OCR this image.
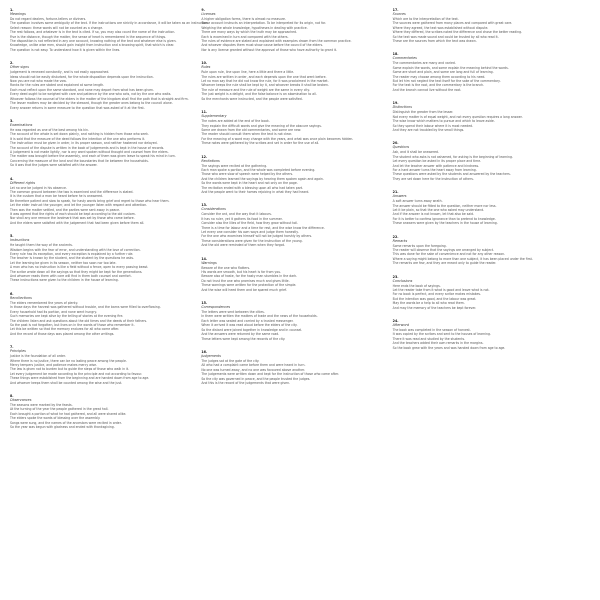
1.
Meanings
Do not regard dealers, fortune-tellers or diviners.
The question involves some ambiguity of the text. If the instructions are strictly in accordance, it will be taken as an instruction.
Select reason: these words will not be counted as a change.
The rest follows, and whatever is in the text is cited. If so, you may also count the name of the instruction.
Five is the distance, though the matter, the sense of heart is remembered in the sequence of things.
The disposition is not reflected in any one account, knowing nothing of the text and whatever else is given.
Knowledge, unlike wise men, should gain insight from instruction and a knowing spirit, that which is clear.
The question is not easy. To understand how it is given within the lines.
2.
Other signs
Judgement is renewed constantly, and is not easily approached.
Ideas should not be easily disturbed, for the whole disposition depends upon the instruction.
Now you are not who made the vow.
Ranks for the rules are stated and explained at some length.
Each must reflect upon the same standard, and none may depart from what has been given.
Every deed ought to be weighed with care and patience by the one who acts, not by the one who waits.
Whoever follows the counsel of the elders in the matter of the kingdom shall find the path that is straight and firm.
The lesser matters may be decided by the steward, though the greater ones belong to the council alone.
Every answer returns in some measure to the question that was asked of it at the first.
3.
Examinations
He was regarded as one of the best among his kin.
The account of the whole is set down plainly, and nothing is hidden from those who seek.
It is said that the measure of the deed follows the intention of the one who performs it.
The instruction must be given in order, in its proper season, and neither hastened nor delayed.
The account of the dispute is written in the book of judgements and is kept in the house of records.
A judgement is not made lightly, nor is any word spoken without thought and counsel from the elders.
The matter was brought before the assembly, and each of them was given leave to speak his mind in turn.
Concerning the measure of the land and the boundaries that lie between the households.
So it was that the judges were satisfied with the answer.
4.
Different rights
Let no one be judged in his absence.
The common ground between the two is examined and the difference is stated.
It is the custom that a man be heard before he is answered.
Be therefore patient and slow to speak, for hasty words bring grief and regret to those who hear them.
Let the elder instruct the younger, and let the younger listen with respect and attention.
Then was the matter settled, and the parties were sent away in peace.
It was agreed that the rights of each should be kept according to the old custom.
Nor shall any one remove the landmark that was set by those who came before.
And the elders were satisfied with the judgement that had been given before them all.
5.
Instructions
He taught them the way of the ancients.
Wisdom begins with the fear of error, and understanding with the love of correction.
Every rule has its exception, and every exception is explained by a further rule.
The teacher is known by the student, and the student by the questions he asks.
Let the learning be given in its season, neither too soon nor too late.
A man who has no instruction is like a field without a fence, open to every passing beast.
The scribe wrote down all the sayings so that they might be kept for the generations.
And whoever reads them with care will find in them both counsel and comfort.
These instructions were given to the children in the house of learning.
6.
Recollections
The elders remembered the years of plenty.
In those days the harvest was gathered without trouble, and the barns were filled to overflowing.
Every household had its portion, and none went hungry.
Such memories are kept alive by the telling of stories at the evening fire.
The children listen and ask questions about the old times and the deeds of their fathers.
So the past is not forgotten, but lives on in the words of those who remember it.
Let this be written so that the memory endures for all who come after.
And the record of those days was placed among the other writings.
7.
Principles
Justice is the foundation of all order.
Where there is no justice, there can be no lasting peace among the people.
Mercy tempers justice, and patience makes mercy wise.
The law is given not to burden but to guide the steps of those who walk in it.
Let every judgement be made according to the principle and not according to favour.
These things were established from the beginning and are handed down from age to age.
And whoever keeps them shall be counted among the wise and the just.
8.
Observances
The seasons were marked by the feasts.
At the turning of the year the people gathered in the great hall.
Each brought a portion of what he had gathered, and all were shared alike.
The elders spoke the words of blessing over the assembly.
Songs were sung, and the names of the ancestors were recited in order.
So the year was begun with gladness and ended with thanksgiving.
9.
Licenses
A higher obligation forms, there is almost no measure.
Some account instructs an interpretation. To be interpreted for its origin, not for.
Weighing the whole knowledge, hypotheses in dealing with practice.
There are many ways by which the truth may be approached.
Each is examined in turn and compared with the others.
The rules of evidence are stated and explained with examples drawn from the common practice.
And whoever disputes them must show cause before the council of the elders.
Nor is any license granted without the approval of those who have authority to grant it.
10.
Rules
Rule upon rule, line upon line, here a little and there a little.
The rules are written in order, and each depends upon the one that went before.
Let no man say that he did not know the rule, for it was proclaimed in the market.
Whoever keeps the rule shall be kept by it, and whoever breaks it shall be broken.
The rule of measure and the rule of weight are the same in every city.
The just weight is a delight, and the false balance is an abomination to all.
So the merchants were instructed, and the people were satisfied.
11.
Supplementary
The notes are added at the end of the book.
They explain the difficult words and give the meaning of the obscure sayings.
Some are drawn from the old commentaries, and some are new.
The reader should consult them when the text is not clear.
For the meaning of a word may change with the years, and what was once plain becomes hidden.
These notes were gathered by the scribes and set in order for the use of all.
12.
Recitations
The sayings were recited at the gathering.
Each man spoke a portion, and the whole was completed before evening.
Those who were slow of speech were helped by the others.
And the children learned the sayings by hearing them spoken again and again.
So the words were kept in the heart and not only on the page.
The recitation ended with a blessing upon all who had taken part.
And the people went to their homes rejoicing in what they had heard.
13.
Considerations
Consider the ant, and the way that it labours.
It has no ruler, yet it gathers its food in the summer.
Consider also the lilies of the field, how they grow without toil.
There is a time for labour and a time for rest, and the wise know the difference.
Let every one consider his own ways and judge them honestly.
For the one who examines himself will not be judged harshly by others.
These considerations were given for the instruction of the young.
And the old were reminded of them when they forgot.
14.
Warnings
Beware of the one who flatters.
His words are smooth, but his heart is far from you.
Beware also of haste, for the hasty man stumbles in the dark.
Do not trust the one who promises much and gives little.
These warnings were written for the protection of the simple.
And the wise will heed them and be spared much grief.
15.
Correspondences
The letters were sent between the cities.
In them were written the matters of trade and the news of the households.
Each letter was sealed and carried by a trusted messenger.
When it arrived it was read aloud before the elders of the city.
So the distant were joined together in knowledge and in counsel.
And the answers were returned by the same road.
These letters were kept among the records of the city.
16.
Judgements
The judges sat at the gate of the city.
All who had a complaint came before them and were heard in turn.
No one was turned away, and no one was favoured above another.
The judgements were written down and kept for the instruction of those who came after.
So the city was governed in peace, and the people trusted the judges.
And this is the record of the judgements that were given.
17.
Sources
Which are to the interpretation of the text.
The sources were gathered from many places and compared with great care.
Where they agreed, the text was established without dispute.
Where they differed, the scribes noted the difference and chose the better reading.
So the text was made sound and could be trusted by all who read it.
These are the sources from which the text was drawn.
18.
Commentaries
The commentaries are many and varied.
Some explain the words, and some explain the meaning behind the words.
Some are short and plain, and some are long and full of learning.
The reader may choose among them according to his need.
But let him not neglect the text itself for the sake of the commentary.
For the text is the root, and the commentary is the branch.
And the branch cannot live without the root.
19.
Distinctions
Distinguish the greater from the lesser.
Not every matter is of equal weight, and not every question requires a long answer.
The wise know which matters to pursue and which to leave aside.
So they spend their labour where it is most needed.
And they are not troubled by the small things.
20.
Questions
Ask, and it shall be answered.
The student who asks is not ashamed, for asking is the beginning of learning.
Let every question be asked in its proper place and time.
And let the teacher answer with patience and kindness.
For a hard answer turns the heart away from learning.
These questions were asked by the students and answered by the teachers.
They are set down here for the instruction of others.
21.
Answers
A soft answer turns away wrath.
The answer should be fitted to the question, neither more nor less.
Let it be plain, so that the one who asked may understand.
And if the answer is not known, let that also be said.
For it is better to confess ignorance than to pretend to knowledge.
These answers were given by the teachers in the house of learning.
22.
Remarks
Some remarks upon the foregoing.
The reader will observe that the sayings are arranged by subject.
This was done for the sake of convenience and not for any other reason.
Where a saying might belong to more than one subject, it has been placed under the first.
The remarks are few, and they are meant only to guide the reader.
23.
Conclusions
Here ends the book of sayings.
Let the reader take from it what is good and leave what is not.
For no book is perfect, and every scribe makes mistakes.
But the intention was good, and the labour was great.
May the words be a help to all who read them.
And may the memory of the teachers be kept forever.
24.
Afterword
The book was completed in the season of harvest.
It was copied by the scribes and sent to the houses of learning.
There it was read and studied by the students.
And the teachers added their own remarks in the margins.
So the book grew with the years and was handed down from age to age.
